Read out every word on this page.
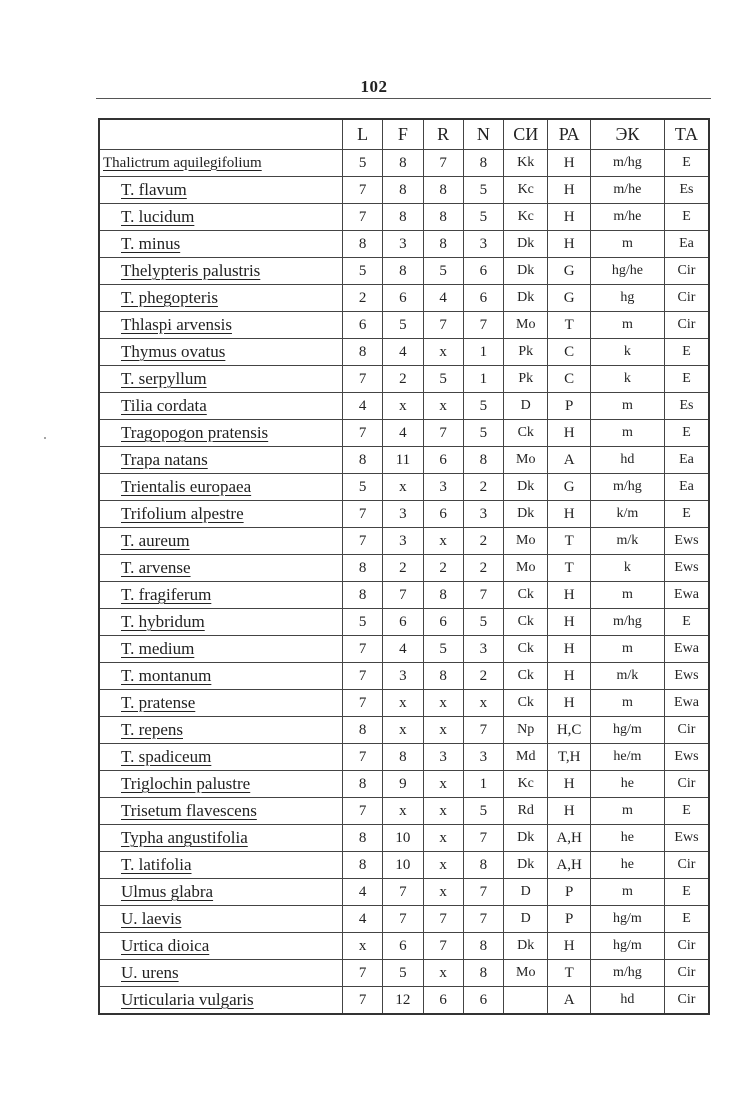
102
	L	F	R	N	СИ	РА	ЭК	ТА
Thalictrum aquilegifolium	5	8	7	8	Kk	H	m/hg	E
T. flavum	7	8	8	5	Kc	H	m/he	Es
T. lucidum	7	8	8	5	Kc	H	m/he	E
T. minus	8	3	8	3	Dk	H	m	Ea
Thelypteris palustris	5	8	5	6	Dk	G	hg/he	Cir
T. phegopteris	2	6	4	6	Dk	G	hg	Cir
Thlaspi arvensis	6	5	7	7	Mo	T	m	Cir
Thymus ovatus	8	4	x	1	Pk	C	k	E
T. serpyllum	7	2	5	1	Pk	C	k	E
Tilia cordata	4	x	x	5	D	P	m	Es
Tragopogon pratensis	7	4	7	5	Ck	H	m	E
Trapa natans	8	11	6	8	Mo	A	hd	Ea
Trientalis europaea	5	x	3	2	Dk	G	m/hg	Ea
Trifolium alpestre	7	3	6	3	Dk	H	k/m	E
T. aureum	7	3	x	2	Mo	T	m/k	Ews
T. arvense	8	2	2	2	Mo	T	k	Ews
T. fragiferum	8	7	8	7	Ck	H	m	Ewa
T. hybridum	5	6	6	5	Ck	H	m/hg	E
T. medium	7	4	5	3	Ck	H	m	Ewa
T. montanum	7	3	8	2	Ck	H	m/k	Ews
T. pratense	7	x	x	x	Ck	H	m	Ewa
T. repens	8	x	x	7	Np	H,C	hg/m	Cir
T. spadiceum	7	8	3	3	Md	T,H	he/m	Ews
Triglochin palustre	8	9	x	1	Kc	H	he	Cir
Trisetum flavescens	7	x	x	5	Rd	H	m	E
Typha angustifolia	8	10	x	7	Dk	A,H	he	Ews
T. latifolia	8	10	x	8	Dk	A,H	he	Cir
Ulmus glabra	4	7	x	7	D	P	m	E
U. laevis	4	7	7	7	D	P	hg/m	E
Urtica dioica	x	6	7	8	Dk	H	hg/m	Cir
U. urens	7	5	x	8	Mo	T	m/hg	Cir
Urticularia vulgaris	7	12	6	6		A	hd	Cir
